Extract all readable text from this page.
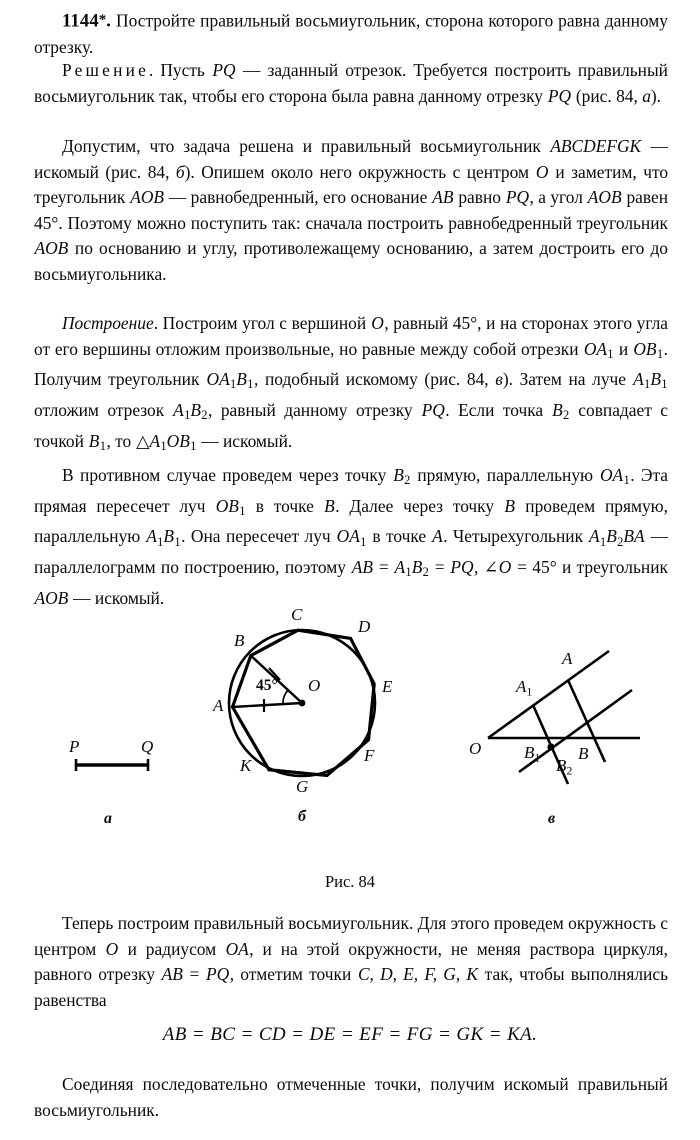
1144*. Постройте правильный восьмиугольник, сторона которого равна данному отрезку.

Решение. Пусть PQ — заданный отрезок. Требуется построить правильный восьмиугольник так, чтобы его сторона была равна данному отрезку PQ (рис. 84, а).

Допустим, что задача решена и правильный восьмиугольник ABCDEFGK — искомый (рис. 84, б). Опишем около него окружность с центром O и заметим, что треугольник AOB — равнобедренный, его основание AB равно PQ, а угол AOB равен 45°. Поэтому можно поступить так: сначала построить равнобедренный треугольник AOB по основанию и углу, противолежащему основанию, а затем достроить его до восьмиугольника.

Построение. Построим угол с вершиной O, равный 45°, и на сторонах этого угла от его вершины отложим произвольные, но равные между собой отрезки $OA_1$ и $OB_1$. Получим треугольник $OA_1B_1$, подобный искомому (рис. 84, в). Затем на луче $A_1B_1$ отложим отрезок $A_1B_2$, равный данному отрезку PQ. Если точка $B_2$ совпадает с точкой $B_1$, то $\triangle A_1OB_1$ — искомый.

В противном случае проведем через точку $B_2$ прямую, параллельную $OA_1$. Эта прямая пересечет луч $OB_1$ в точке B. Далее через точку B проведем прямую, параллельную $A_1B_1$. Она пересечет луч $OA_1$ в точке A. Четырехугольник $A_1B_2BA$ — параллелограмм по построению, поэтому AB = $A_1B_2$ = PQ, ∠O = 45° и треугольник AOB — искомый.

P	Q
A
B
C
D
E
F
G
K
O
45°
O
A
$A_1$
$B_1$ B
$B_2$
а	б	в
Рис. 84

Теперь построим правильный восьмиугольник. Для этого проведем окружность с центром O и радиусом OA, и на этой окружности, не меняя раствора циркуля, равного отрезку AB = PQ, отметим точки C, D, E, F, G, K так, чтобы выполнялись равенства

AB = BC = CD = DE = EF = FG = GK = KA.

Соединяя последовательно отмеченные точки, получим искомый правильный восьмиугольник.
